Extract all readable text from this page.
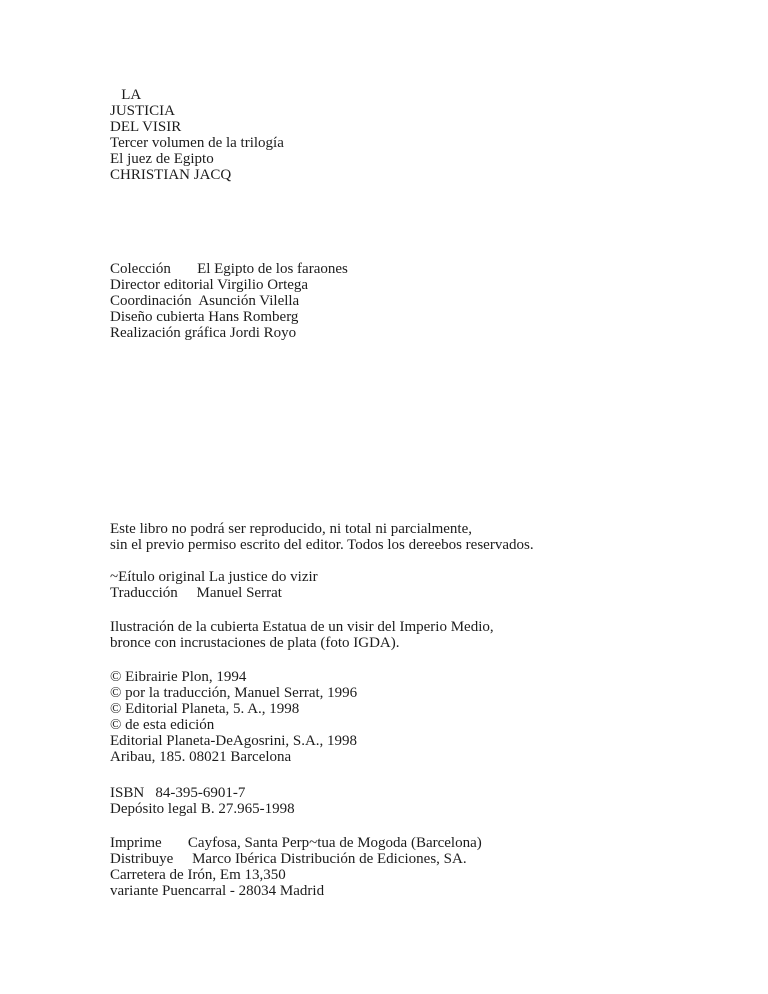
LA
JUSTICIA
DEL VISIR
Tercer volumen de la trilogía
El juez de Egipto
CHRISTIAN JACQ
Colección       El Egipto de los faraones
Director editorial Virgilio Ortega
Coordinación  Asunción Vilella
Diseño cubierta Hans Romberg
Realización gráfica Jordi Royo
Este libro no podrá ser reproducido, ni total ni parcialmente,
sin el previo permiso escrito del editor. Todos los dereebos reservados.
~Eítulo original La justice do vizir
Traducción     Manuel Serrat
Ilustración de la cubierta Estatua de un visir del Imperio Medio,
bronce con incrustaciones de plata (foto IGDA).
© Eibrairie Plon, 1994
© por la traducción, Manuel Serrat, 1996
© Editorial Planeta, 5. A., 1998
© de esta edición
Editorial Planeta-DeAgosrini, S.A., 1998
Aribau, 185. 08021 Barcelona
ISBN   84-395-6901-7
Depósito legal B. 27.965-1998
Imprime       Cayfosa, Santa Perp~tua de Mogoda (Barcelona)
Distribuye     Marco Ibérica Distribución de Ediciones, SA.
Carretera de Irón, Em 13,350
variante Puencarral - 28034 Madrid
